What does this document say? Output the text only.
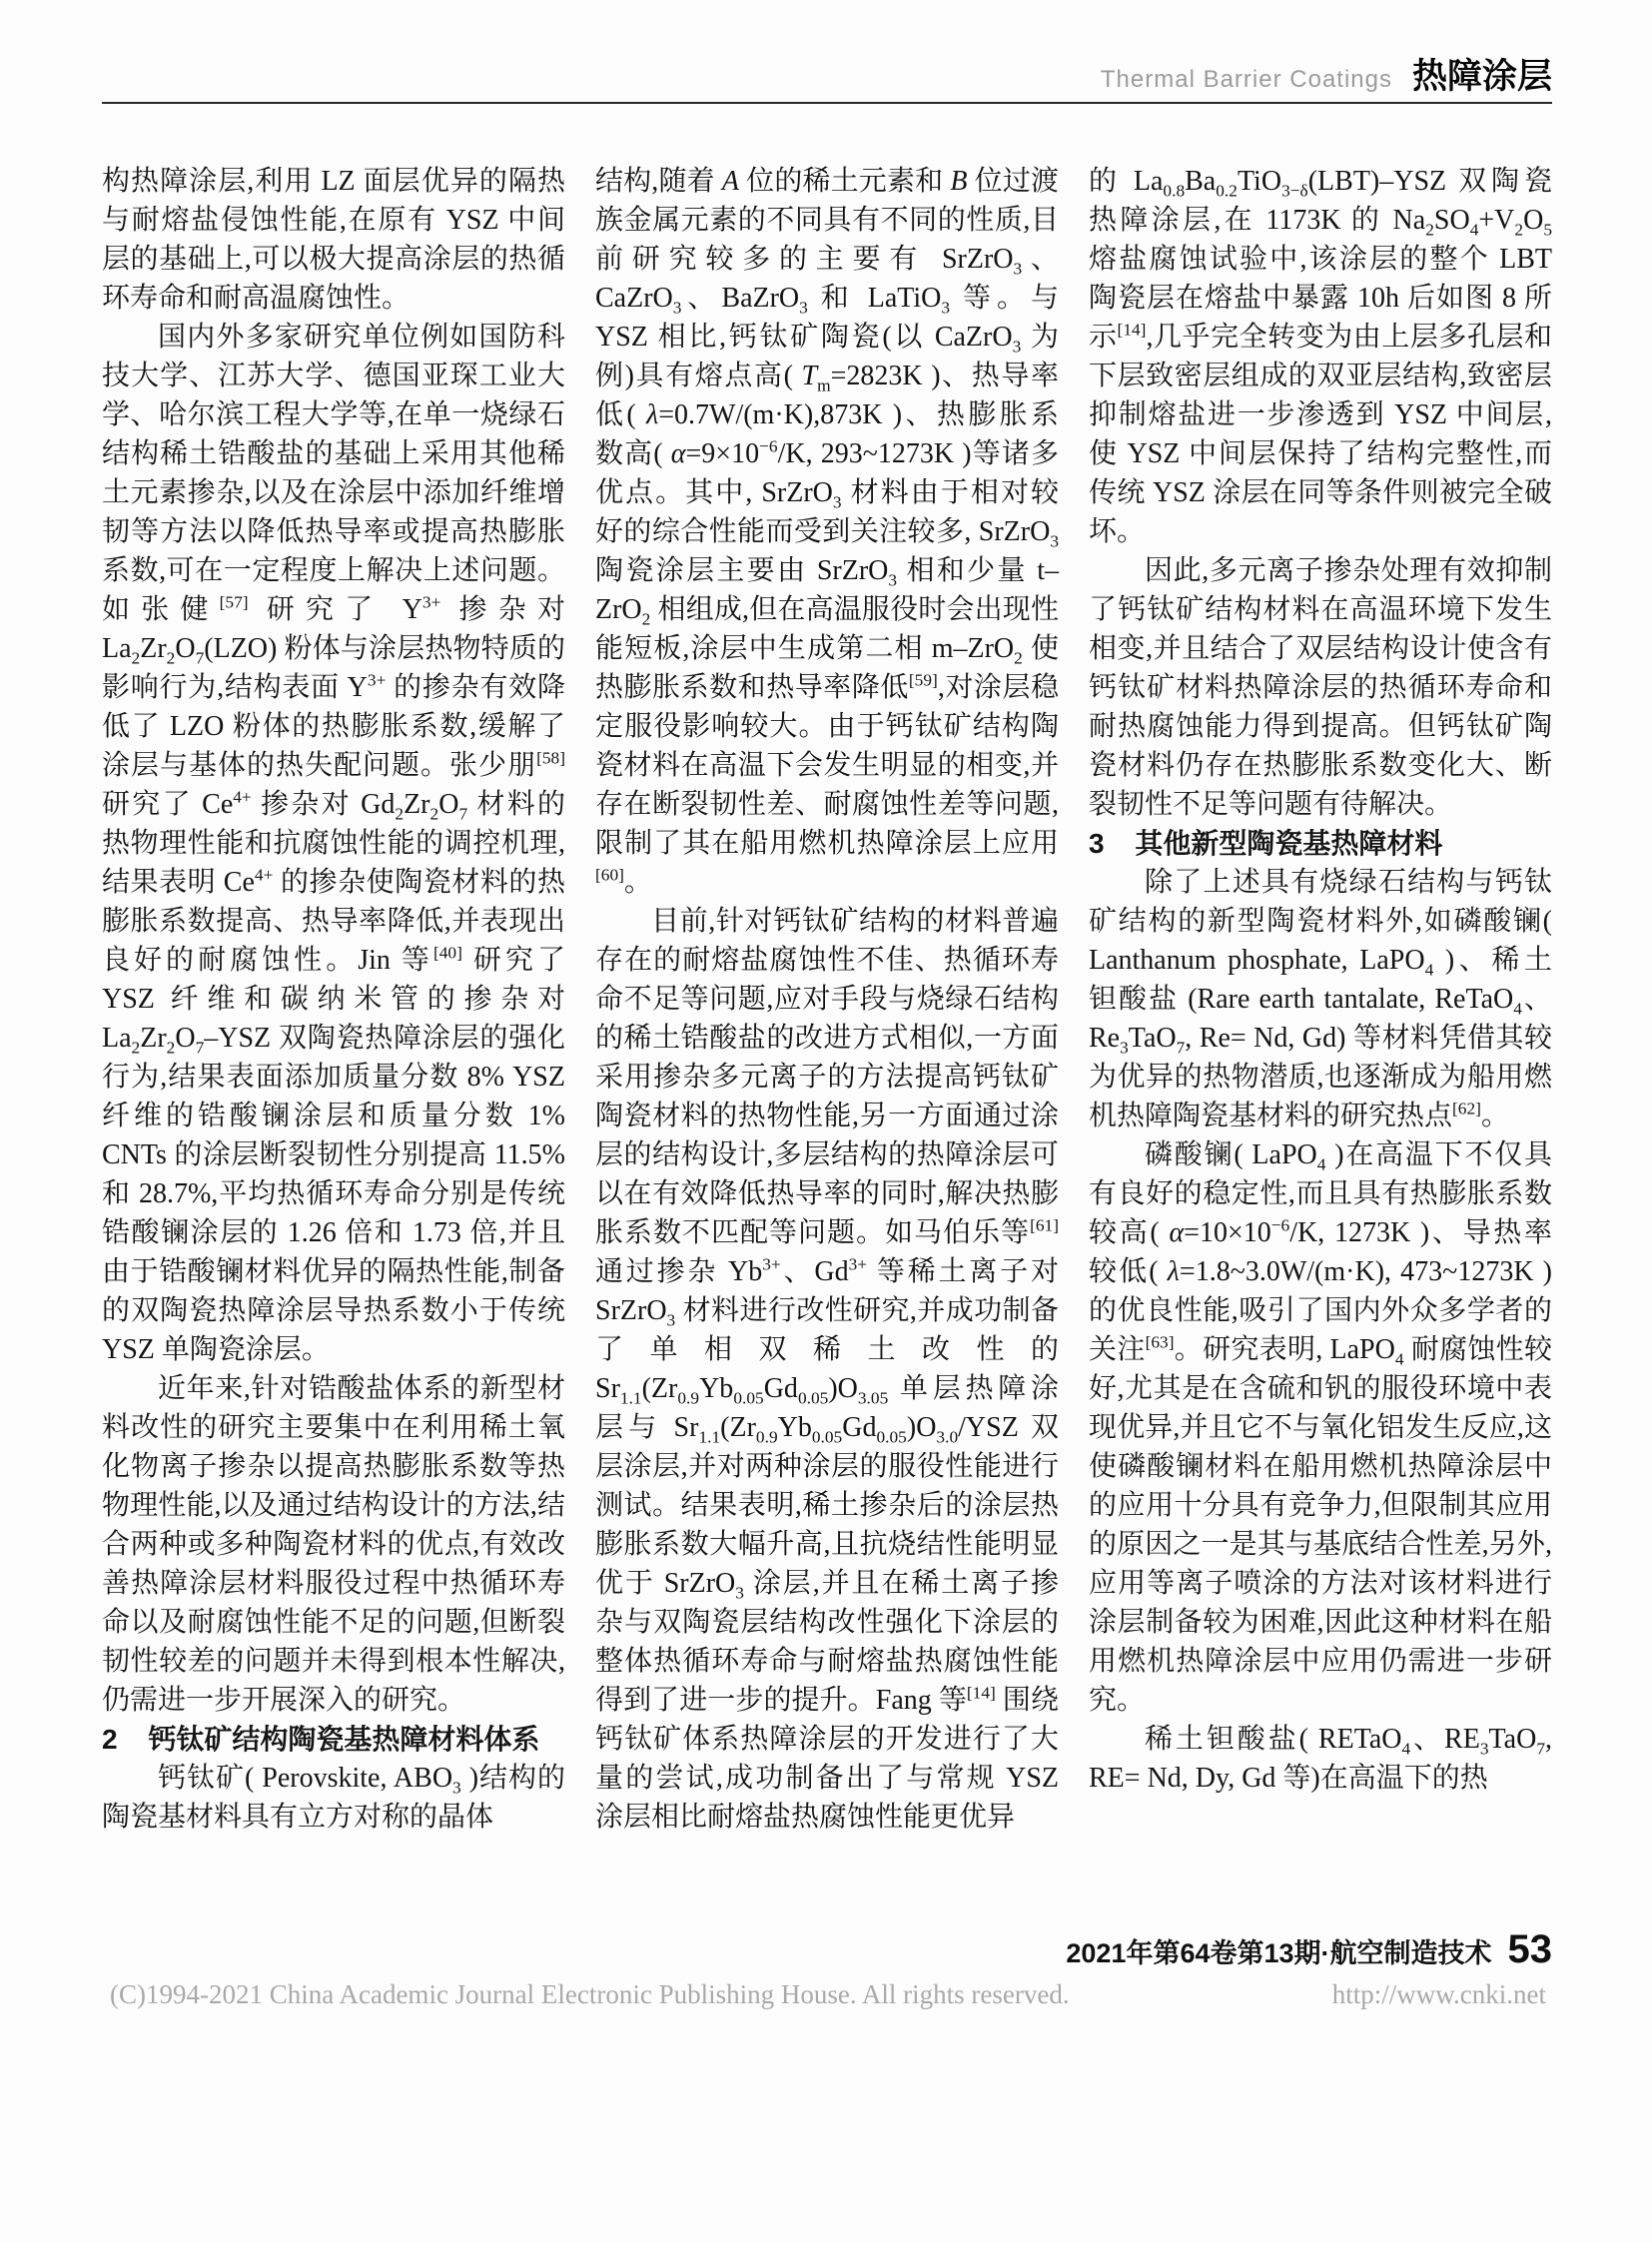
Thermal Barrier Coatings 热障涂层

构热障涂层,利用 LZ 面层优异的隔热与耐熔盐侵蚀性能,在原有 YSZ 中间层的基础上,可以极大提高涂层的热循环寿命和耐高温腐蚀性。

国内外多家研究单位例如国防科技大学、江苏大学、德国亚琛工业大学、哈尔滨工程大学等,在单一烧绿石结构稀土锆酸盐的基础上采用其他稀土元素掺杂,以及在涂层中添加纤维增韧等方法以降低热导率或提高热膨胀系数,可在一定程度上解决上述问题。如张健[57] 研究了 $Y^{3+}$ 掺杂对 $La_2Zr_2O_7(LZO)$ 粉体与涂层热物特质的影响行为,结构表面 $Y^{3+}$ 的掺杂有效降低了 LZO 粉体的热膨胀系数,缓解了涂层与基体的热失配问题。张少朋[58] 研究了 $Ce^{4+}$ 掺杂对 $Gd_2Zr_2O_7$ 材料的热物理性能和抗腐蚀性能的调控机理,结果表明 $Ce^{4+}$ 的掺杂使陶瓷材料的热膨胀系数提高、热导率降低,并表现出良好的耐腐蚀性。Jin 等[40] 研究了 YSZ 纤维和碳纳米管的掺杂对 $La_2Zr_2O_7$–YSZ 双陶瓷热障涂层的强化行为,结果表面添加质量分数 8% YSZ 纤维的锆酸镧涂层和质量分数 1% CNTs 的涂层断裂韧性分别提高 11.5% 和 28.7%,平均热循环寿命分别是传统锆酸镧涂层的 1.26 倍和 1.73 倍,并且由于锆酸镧材料优异的隔热性能,制备的双陶瓷热障涂层导热系数小于传统 YSZ 单陶瓷涂层。

近年来,针对锆酸盐体系的新型材料改性的研究主要集中在利用稀土氧化物离子掺杂以提高热膨胀系数等热物理性能,以及通过结构设计的方法,结合两种或多种陶瓷材料的优点,有效改善热障涂层材料服役过程中热循环寿命以及耐腐蚀性能不足的问题,但断裂韧性较差的问题并未得到根本性解决,仍需进一步开展深入的研究。

2 钙钛矿结构陶瓷基热障材料体系

钙钛矿( Perovskite, $ABO_3$ )结构的陶瓷基材料具有立方对称的晶体

结构,随着 A 位的稀土元素和 B 位过渡族金属元素的不同具有不同的性质,目前研究较多的主要有 SrZrO$_3$、CaZrO$_3$、BaZrO$_3$ 和 LaTiO$_3$ 等。与 YSZ 相比,钙钛矿陶瓷(以 CaZrO$_3$ 为例)具有熔点高( $T_m=2823K$ )、热导率低( λ=0.7W/(m·K),873K )、热膨胀系数高( $\alpha=9\times 10^{-6}/K$, 293~1273K )等诸多优点。其中, SrZrO$_3$ 材料由于相对较好的综合性能而受到关注较多, SrZrO$_3$ 陶瓷涂层主要由 SrZrO$_3$ 相和少量 t–ZrO$_2$ 相组成,但在高温服役时会出现性能短板,涂层中生成第二相 m–ZrO$_2$ 使热膨胀系数和热导率降低[59],对涂层稳定服役影响较大。由于钙钛矿结构陶瓷材料在高温下会发生明显的相变,并存在断裂韧性差、耐腐蚀性差等问题,限制了其在船用燃机热障涂层上应用[60]。

目前,针对钙钛矿结构的材料普遍存在的耐熔盐腐蚀性不佳、热循环寿命不足等问题,应对手段与烧绿石结构的稀土锆酸盐的改进方式相似,一方面采用掺杂多元离子的方法提高钙钛矿陶瓷材料的热物性能,另一方面通过涂层的结构设计,多层结构的热障涂层可以在有效降低热导率的同时,解决热膨胀系数不匹配等问题。如马伯乐等[61] 通过掺杂 $Yb^{3+}$、$Gd^{3+}$ 等稀土离子对 SrZrO$_3$ 材料进行改性研究,并成功制备了单相双稀土改性的 $Sr_{1.1}(Zr_{0.9}Yb_{0.05}Gd_{0.05})O_{3.05}$ 单层热障涂层与 $Sr_{1.1}(Zr_{0.9}Yb_{0.05}Gd_{0.05})O_{3.0}$/YSZ 双层涂层,并对两种涂层的服役性能进行测试。结果表明,稀土掺杂后的涂层热膨胀系数大幅升高,且抗烧结性能明显优于 SrZrO$_3$ 涂层,并且在稀土离子掺杂与双陶瓷层结构改性强化下涂层的整体热循环寿命与耐熔盐热腐蚀性能得到了进一步的提升。Fang 等[14] 围绕钙钛矿体系热障涂层的开发进行了大量的尝试,成功制备出了与常规 YSZ 涂层相比耐熔盐热腐蚀性能更优异

的 $La_{0.8}Ba_{0.2}TiO_{3-\delta}(LBT)$–YSZ 双陶瓷热障涂层,在 1173K 的 $Na_2SO_4+V_2O_5$ 熔盐腐蚀试验中,该涂层的整个 LBT 陶瓷层在熔盐中暴露 10h 后如图 8 所示[14],几乎完全转变为由上层多孔层和下层致密层组成的双亚层结构,致密层抑制熔盐进一步渗透到 YSZ 中间层,使 YSZ 中间层保持了结构完整性,而传统 YSZ 涂层在同等条件则被完全破坏。

因此,多元离子掺杂处理有效抑制了钙钛矿结构材料在高温环境下发生相变,并且结合了双层结构设计使含有钙钛矿材料热障涂层的热循环寿命和耐热腐蚀能力得到提高。但钙钛矿陶瓷材料仍存在热膨胀系数变化大、断裂韧性不足等问题有待解决。

3 其他新型陶瓷基热障材料

除了上述具有烧绿石结构与钙钛矿结构的新型陶瓷材料外,如磷酸镧( Lanthanum phosphate, LaPO$_4$ )、稀土钽酸盐 (Rare earth tantalate, ReTaO$_4$、$Re_3TaO_7$, Re= Nd, Gd) 等材料凭借其较为优异的热物潜质,也逐渐成为船用燃机热障陶瓷基材料的研究热点[62]。

磷酸镧( LaPO$_4$ )在高温下不仅具有良好的稳定性,而且具有热膨胀系数较高( $\alpha=10\times 10^{-6}/K$, 1273K )、导热率较低( λ=1.8~3.0W/(m·K), 473~1273K )的优良性能,吸引了国内外众多学者的关注[63]。研究表明, LaPO$_4$ 耐腐蚀性较好,尤其是在含硫和钒的服役环境中表现优异,并且它不与氧化铝发生反应,这使磷酸镧材料在船用燃机热障涂层中的应用十分具有竞争力,但限制其应用的原因之一是其与基底结合性差,另外,应用等离子喷涂的方法对该材料进行涂层制备较为困难,因此这种材料在船用燃机热障涂层中应用仍需进一步研究。

稀土钽酸盐( RETaO$_4$、$RE_3TaO_7$, RE= Nd, Dy, Gd 等)在高温下的热

2021年第64卷第13期·航空制造技术 53
(C)1994-2021 China Academic Journal Electronic Publishing House. All rights reserved.	http://www.cnki.net
